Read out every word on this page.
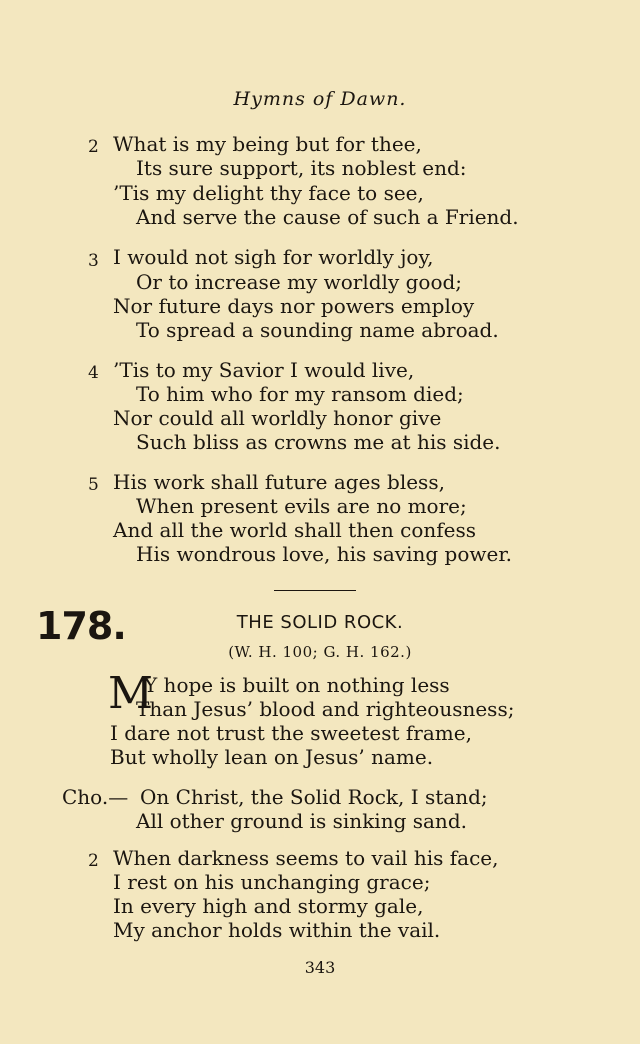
Hymns of Dawn.
2 What is my being but for thee,
Its sure support, its noblest end:
’Tis my delight thy face to see,
And serve the cause of such a Friend.
3 I would not sigh for worldly joy,
Or to increase my worldly good;
Nor future days nor powers employ
To spread a sounding name abroad.
4 ’Tis to my Savior I would live,
To him who for my ransom died;
Nor could all worldly honor give
Such bliss as crowns me at his side.
5 His work shall future ages bless,
When present evils are no more;
And all the world shall then confess
His wondrous love, his saving power.
178.	THE SOLID ROCK.
(W. H. 100; G. H. 162.)
M
Y hope is built on nothing less
Than Jesus’ blood and righteousness;
I dare not trust the sweetest frame,
But wholly lean on Jesus’ name.
Cho.— On Christ, the Solid Rock, I stand;
All other ground is sinking sand.
2 When darkness seems to vail his face,
I rest on his unchanging grace;
In every high and stormy gale,
My anchor holds within the vail.
343
